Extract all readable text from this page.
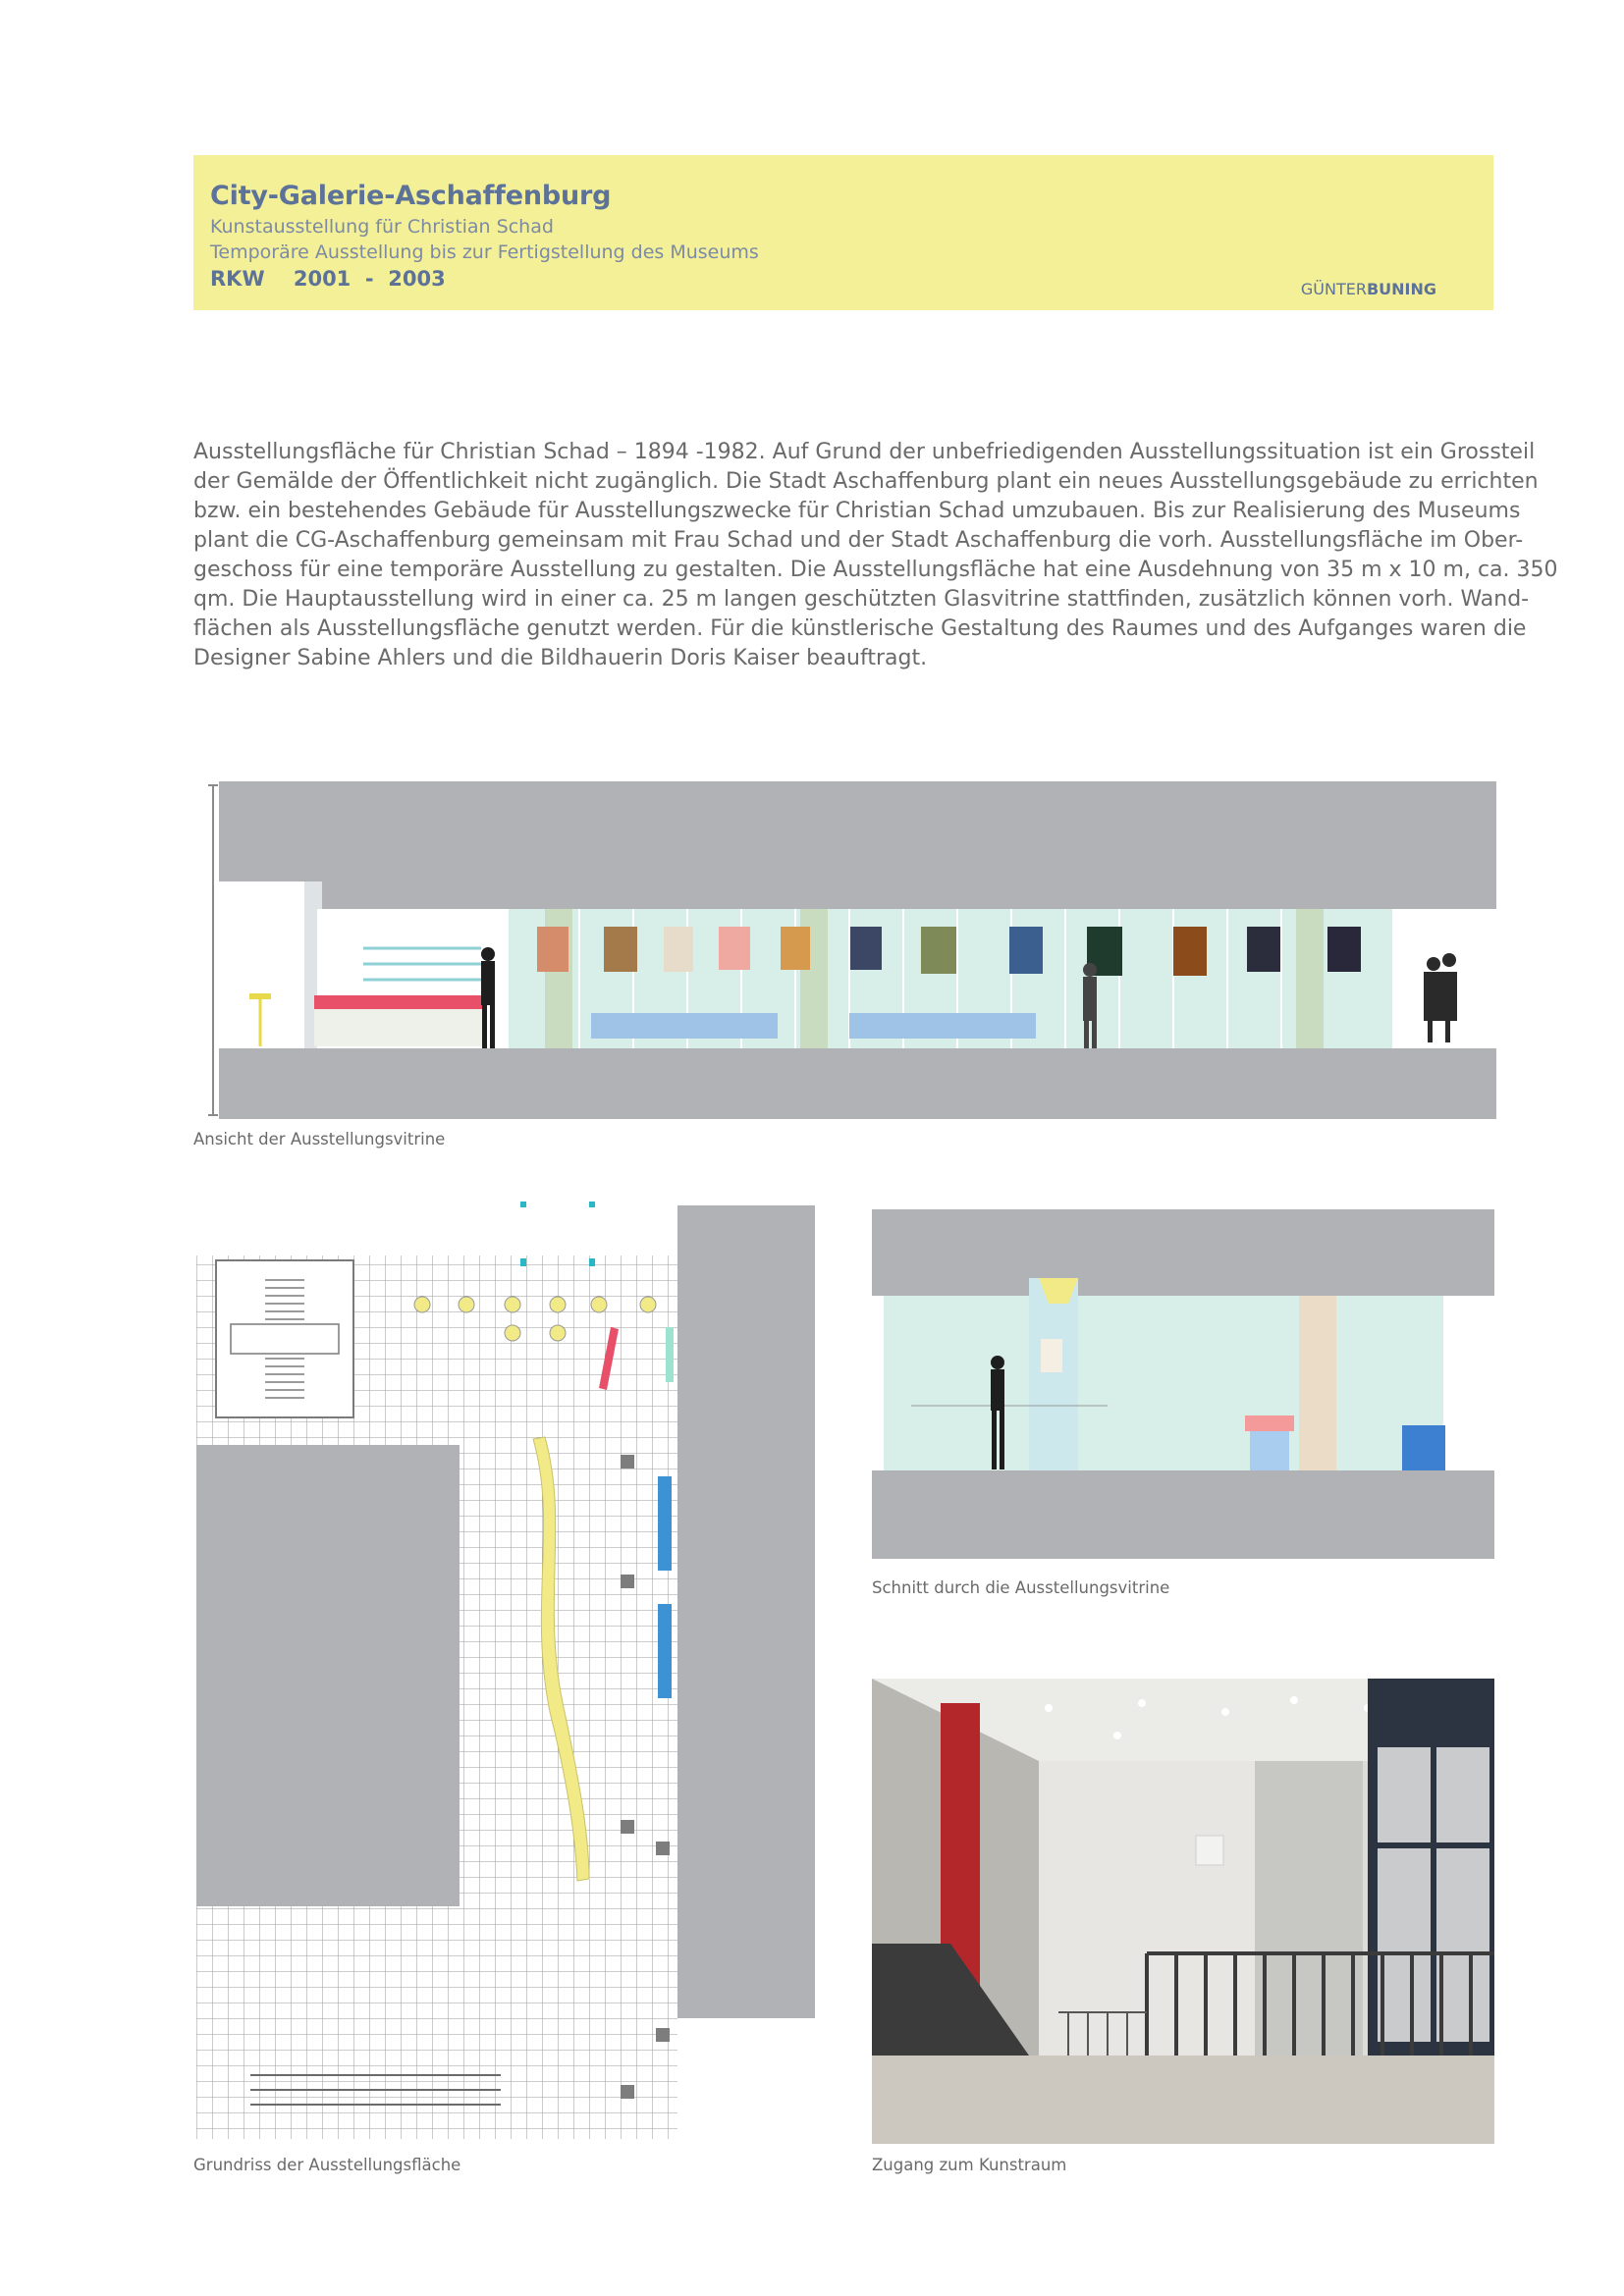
City-Galerie-Aschaffenburg
Kunstausstellung für Christian Schad
Temporäre Ausstellung bis zur Fertigstellung des Museums
RKW    2001  -  2003	GÜNTERBUNING

Ausstellungsfläche für Christian Schad – 1894 -1982. Auf Grund der unbefriedigenden Ausstellungssituation ist ein Grossteil
der Gemälde der Öffentlichkeit nicht zugänglich. Die Stadt Aschaffenburg plant ein neues Ausstellungsgebäude zu errichten
bzw. ein bestehendes Gebäude für Ausstellungszwecke für Christian Schad umzubauen. Bis zur Realisierung des Museums
plant die CG-Aschaffenburg gemeinsam mit Frau Schad und der Stadt Aschaffenburg die vorh. Ausstellungsfläche im Ober-
geschoss für eine temporäre Ausstellung zu gestalten. Die Ausstellungsfläche hat eine Ausdehnung von 35 m x 10 m, ca. 350
qm. Die Hauptausstellung wird in einer ca. 25 m langen geschützten Glasvitrine stattfinden, zusätzlich können vorh. Wand-
flächen als Ausstellungsfläche genutzt werden. Für die künstlerische Gestaltung des Raumes und des Aufganges waren die
Designer Sabine Ahlers und die Bildhauerin Doris Kaiser beauftragt.

Ansicht der Ausstellungsvitrine
Grundriss der Ausstellungsfläche
Schnitt durch die Ausstellungsvitrine
Zugang zum Kunstraum
